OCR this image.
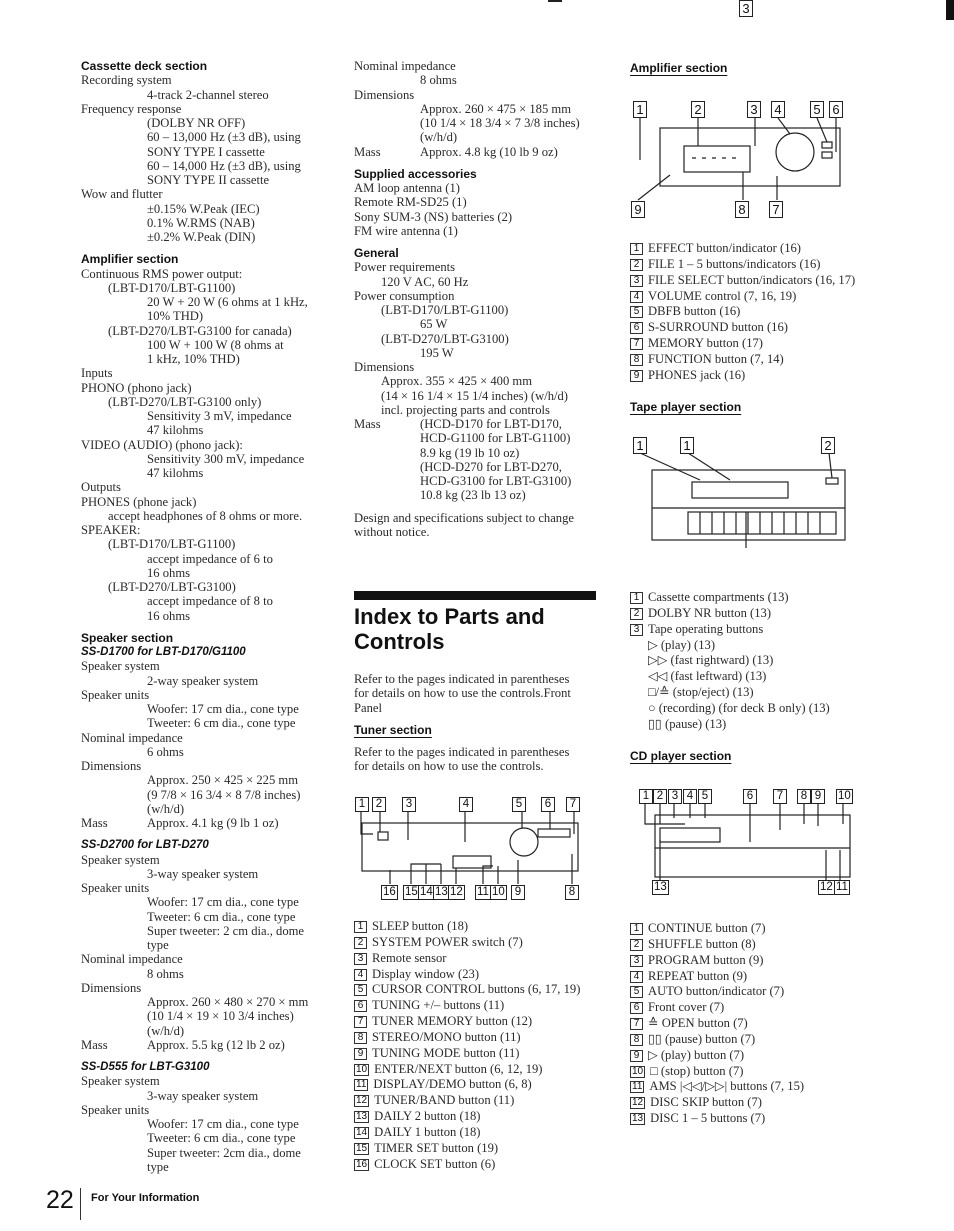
Cassette deck section
Recording system
4-track 2-channel stereo
Frequency response
(DOLBY NR OFF)
60 – 13,000 Hz (±3 dB), using
SONY TYPE I cassette
60 – 14,000 Hz (±3 dB), using
SONY TYPE II cassette
Wow and flutter
±0.15% W.Peak (IEC)
0.1% W.RMS (NAB)
±0.2% W.Peak (DIN)
Amplifier section
Continuous RMS power output:
(LBT-D170/LBT-G1100)
20 W + 20 W (6 ohms at 1 kHz,
10% THD)
(LBT-D270/LBT-G3100 for canada)
100 W + 100 W (8 ohms at
1 kHz, 10% THD)
Inputs
PHONO (phono jack)
(LBT-D270/LBT-G3100 only)
Sensitivity 3 mV, impedance
47 kilohms
VIDEO (AUDIO) (phono jack):
Sensitivity 300 mV, impedance
47 kilohms
Outputs
PHONES (phone jack)
accept headphones of 8 ohms or more.
SPEAKER:
(LBT-D170/LBT-G1100)
accept impedance of 6 to
16 ohms
(LBT-D270/LBT-G3100)
accept impedance of 8 to
16 ohms
Speaker section
SS-D1700 for LBT-D170/G1100
Speaker system
2-way speaker system
Speaker units
Woofer: 17 cm dia., cone type
Tweeter: 6 cm dia., cone type
Nominal impedance
6 ohms
Dimensions
Approx. 250 × 425 × 225 mm
(9 7/8 × 16 3/4 × 8 7/8 inches)
(w/h/d)
Mass	Approx. 4.1 kg (9 lb 1 oz)
SS-D2700 for LBT-D270
Speaker system
3-way speaker system
Speaker units
Woofer: 17 cm dia., cone type
Tweeter: 6 cm dia., cone type
Super tweeter: 2 cm dia., dome
type
Nominal impedance
8 ohms
Dimensions
Approx. 260 × 480 × 270 × mm
(10 1/4 × 19 × 10 3/4 inches)
(w/h/d)
Mass	Approx. 5.5 kg (12 lb 2 oz)
SS-D555 for LBT-G3100
Speaker system
3-way speaker system
Speaker units
Woofer: 17 cm dia., cone type
Tweeter: 6 cm dia., cone type
Super tweeter: 2cm dia., dome
type
Nominal impedance
8 ohms
Dimensions
Approx. 260 × 475 × 185 mm
(10 1/4 × 18 3/4 × 7 3/8 inches)
(w/h/d)
Mass	Approx. 4.8 kg (10 lb 9 oz)
Supplied accessories
AM loop antenna (1)
Remote RM-SD25 (1)
Sony SUM-3 (NS) batteries (2)
FM wire antenna (1)
General
Power requirements
120 V AC, 60 Hz
Power consumption
(LBT-D170/LBT-G1100)
65 W
(LBT-D270/LBT-G3100)
195 W
Dimensions
Approx. 355 × 425 × 400 mm
(14 × 16 1/4 × 15 1/4 inches) (w/h/d)
incl. projecting parts and controls
Mass	(HCD-D170 for LBT-D170,
HCD-G1100 for LBT-G1100)
8.9 kg (19 lb 10 oz)
(HCD-D270 for LBT-D270,
HCD-G3100 for LBT-G3100)
10.8 kg (23 lb 13 oz)
Design and specifications subject to change
without notice.
Index to Parts and
Controls
Refer to the pages indicated in parentheses
for details on how to use the controls.Front
Panel
Tuner section
Refer to the pages indicated in parentheses
for details on how to use the controls.
1 SLEEP button (18)
2 SYSTEM POWER switch (7)
3 Remote sensor
4 Display window (23)
5 CURSOR CONTROL buttons (6, 17, 19)
6 TUNING +/– buttons (11)
7 TUNER MEMORY button (12)
8 STEREO/MONO button (11)
9 TUNING MODE button (11)
10 ENTER/NEXT button (6, 12, 19)
11 DISPLAY/DEMO button (6, 8)
12 TUNER/BAND button (11)
13 DAILY 2 button (18)
14 DAILY 1 button (18)
15 TIMER SET button (19)
16 CLOCK SET button (6)
Amplifier section
1 EFFECT button/indicator (16)
2 FILE 1 – 5 buttons/indicators (16)
3 FILE SELECT button/indicators (16, 17)
4 VOLUME control (7, 16, 19)
5 DBFB button (16)
6 S-SURROUND button (16)
7 MEMORY button (17)
8 FUNCTION button (7, 14)
9 PHONES jack (16)
Tape player section
1 Cassette compartments (13)
2 DOLBY NR button (13)
3 Tape operating buttons
▷ (play) (13)
▷▷ (fast rightward) (13)
◁◁ (fast leftward) (13)
□/≙ (stop/eject) (13)
○ (recording) (for deck B only) (13)
▯▯ (pause) (13)
CD player section
1 CONTINUE button (7)
2 SHUFFLE button (8)
3 PROGRAM button (9)
4 REPEAT button (9)
5 AUTO button/indicator (7)
6 Front cover (7)
7 ≙ OPEN button (7)
8 ▯▯ (pause) button (7)
9 ▷ (play) button (7)
10 □ (stop) button (7)
11 AMS |◁◁/▷▷| buttons (7, 15)
12 DISC SKIP button (7)
13 DISC 1 – 5 buttons (7)
1	2	3 4 5 6
9	8 7
1	1	2
3
1 2	3	4	5	6	7
16 15 14 13 12 11 10 9	8
1 2 3 4 5	6	7	8 9	10
13	12 11
22 For Your Information
